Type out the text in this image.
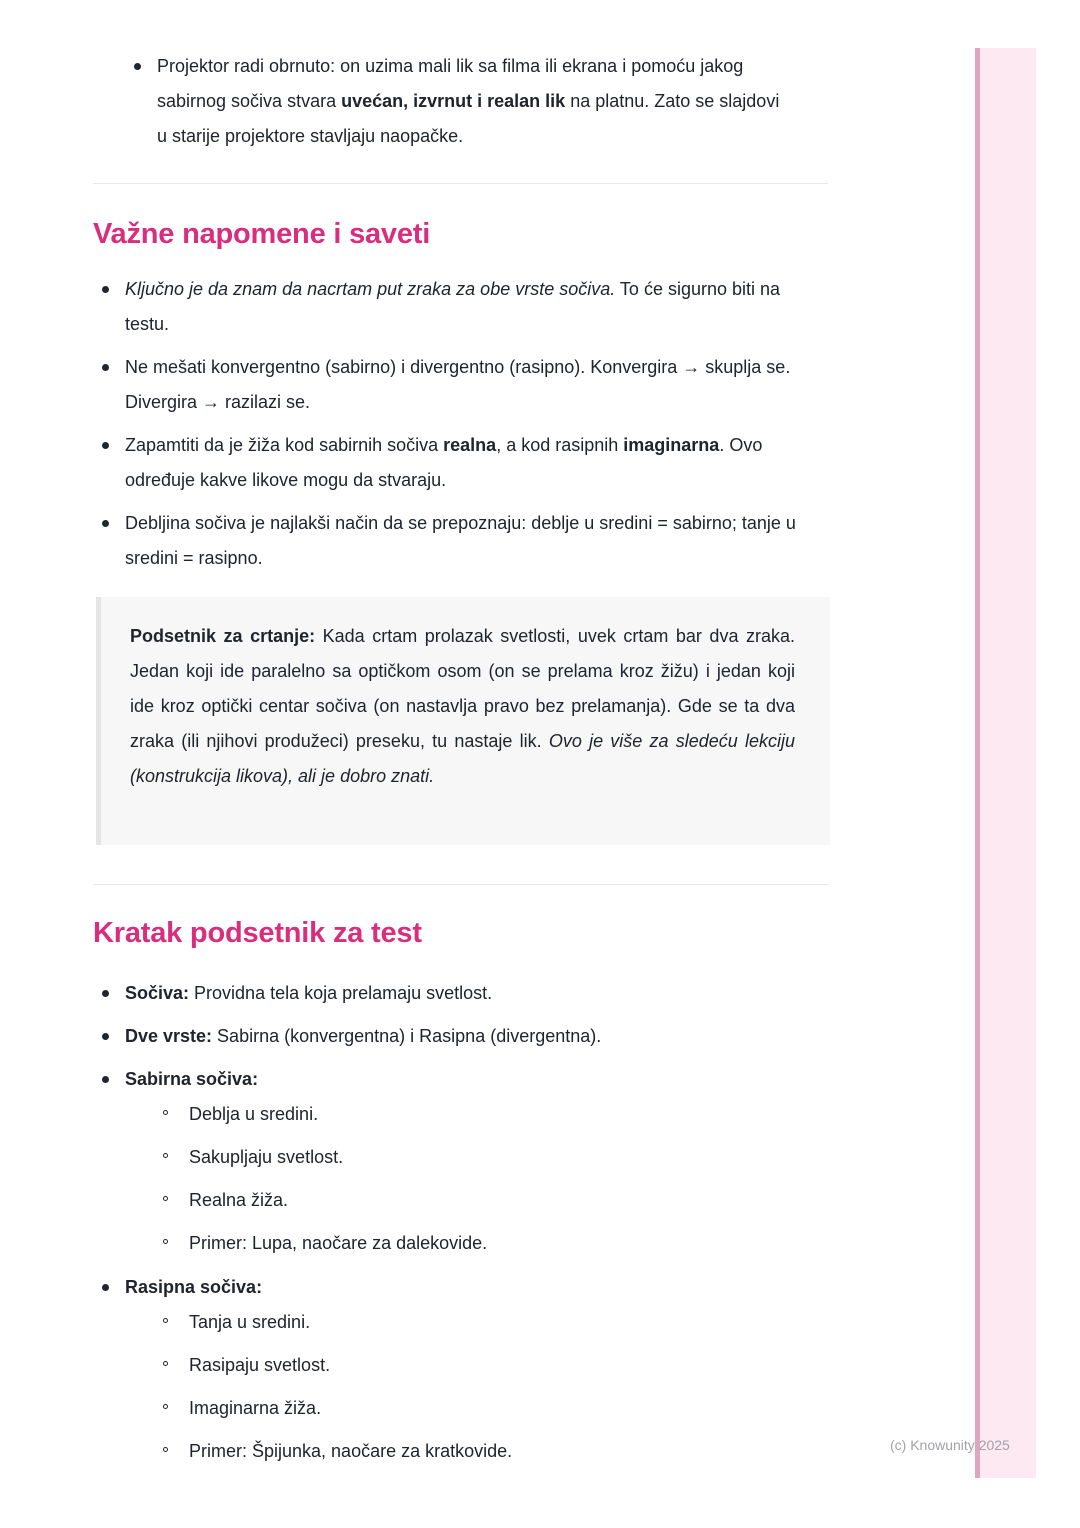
Projektor radi obrnuto: on uzima mali lik sa filma ili ekrana i pomoću jakog sabirnog sočiva stvara uvećan, izvrnut i realan lik na platnu. Zato se slajdovi u starije projektore stavljaju naopačke.
Važne napomene i saveti
Ključno je da znam da nacrtam put zraka za obe vrste sočiva. To će sigurno biti na testu.
Ne mešati konvergentno (sabirno) i divergentno (rasipno). Konvergira → skuplja se. Divergira → razilazi se.
Zapamtiti da je žiža kod sabirnih sočiva realna, a kod rasipnih imaginarna. Ovo određuje kakve likove mogu da stvaraju.
Debljina sočiva je najlakši način da se prepoznaju: deblje u sredini = sabirno; tanje u sredini = rasipno.

Podsetnik za crtanje: Kada crtam prolazak svetlosti, uvek crtam bar dva zraka. Jedan koji ide paralelno sa optičkom osom (on se prelama kroz žižu) i jedan koji ide kroz optički centar sočiva (on nastavlja pravo bez prelamanja). Gde se ta dva zraka (ili njihovi produžeci) preseku, tu nastaje lik. Ovo je više za sledeću lekciju (konstrukcija likova), ali je dobro znati.

Kratak podsetnik za test
Sočiva: Providna tela koja prelamaju svetlost.
Dve vrste: Sabirna (konvergentna) i Rasipna (divergentna).
Sabirna sočiva:
Deblja u sredini.
Sakupljaju svetlost.
Realna žiža.
Primer: Lupa, naočare za dalekovide.
Rasipna sočiva:
Tanja u sredini.
Rasipaju svetlost.
Imaginarna žiža.
Primer: Špijunka, naočare za kratkovide.	(c) Knowunity 2025
